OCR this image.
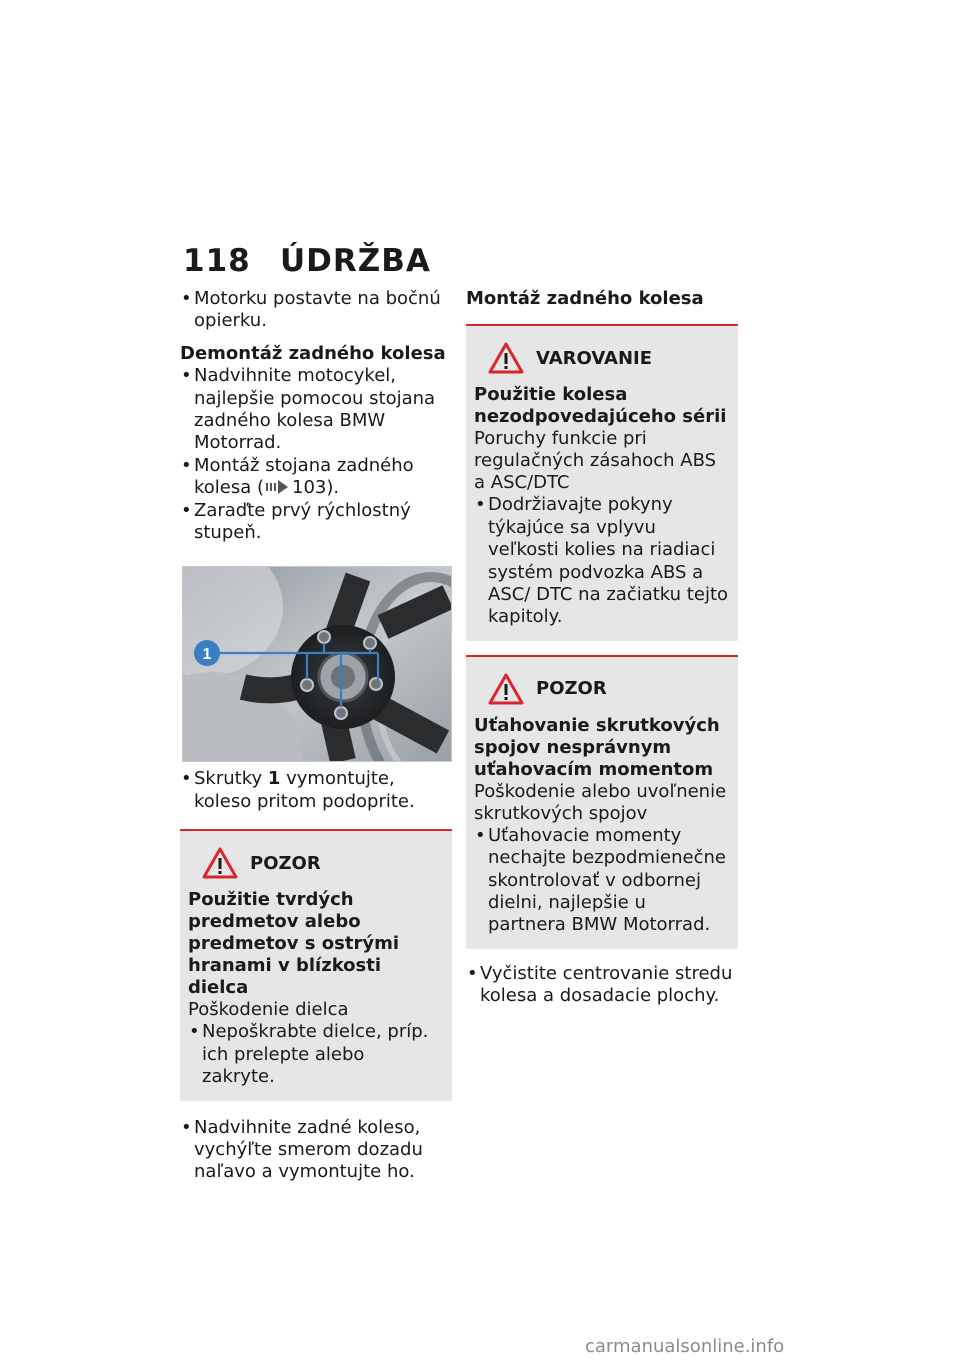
118 ÚDRŽBA
• Motorku postavte na bočnú opierku.
Demontáž zadného kolesa
• Nadvihnite motocykel, najlepšie pomocou stojana zadného kolesa BMW Motorrad.
• Montáž stojana zadného kolesa ( 103).
• Zaraďte prvý rýchlostný stupeň.
1
• Skrutky 1 vymontujte, koleso pritom podoprite.
POZOR
Použitie tvrdých predmetov alebo predmetov s ostrými hranami v blízkosti dielca
Poškodenie dielca
• Nepoškrabte dielce, príp. ich prelepte alebo zakryte.
• Nadvihnite zadné koleso, vychýľte smerom dozadu naľavo a vymontujte ho.
Montáž zadného kolesa
VAROVANIE
Použitie kolesa nezodpovedajúceho sérii
Poruchy funkcie pri regulačných zásahoch ABS a ASC/DTC
• Dodržiavajte pokyny týkajúce sa vplyvu veľkosti kolies na riadiaci systém podvozka ABS a ASC/ DTC na začiatku tejto kapitoly.
POZOR
Uťahovanie skrutkových spojov nesprávnym uťahovacím momentom
Poškodenie alebo uvoľnenie skrutkových spojov
• Uťahovacie momenty nechajte bezpodmienečne skontrolovať v odbornej dielni, najlepšie u partnera BMW Motorrad.
• Vyčistite centrovanie stredu kolesa a dosadacie plochy.
carmanualsonline.info
